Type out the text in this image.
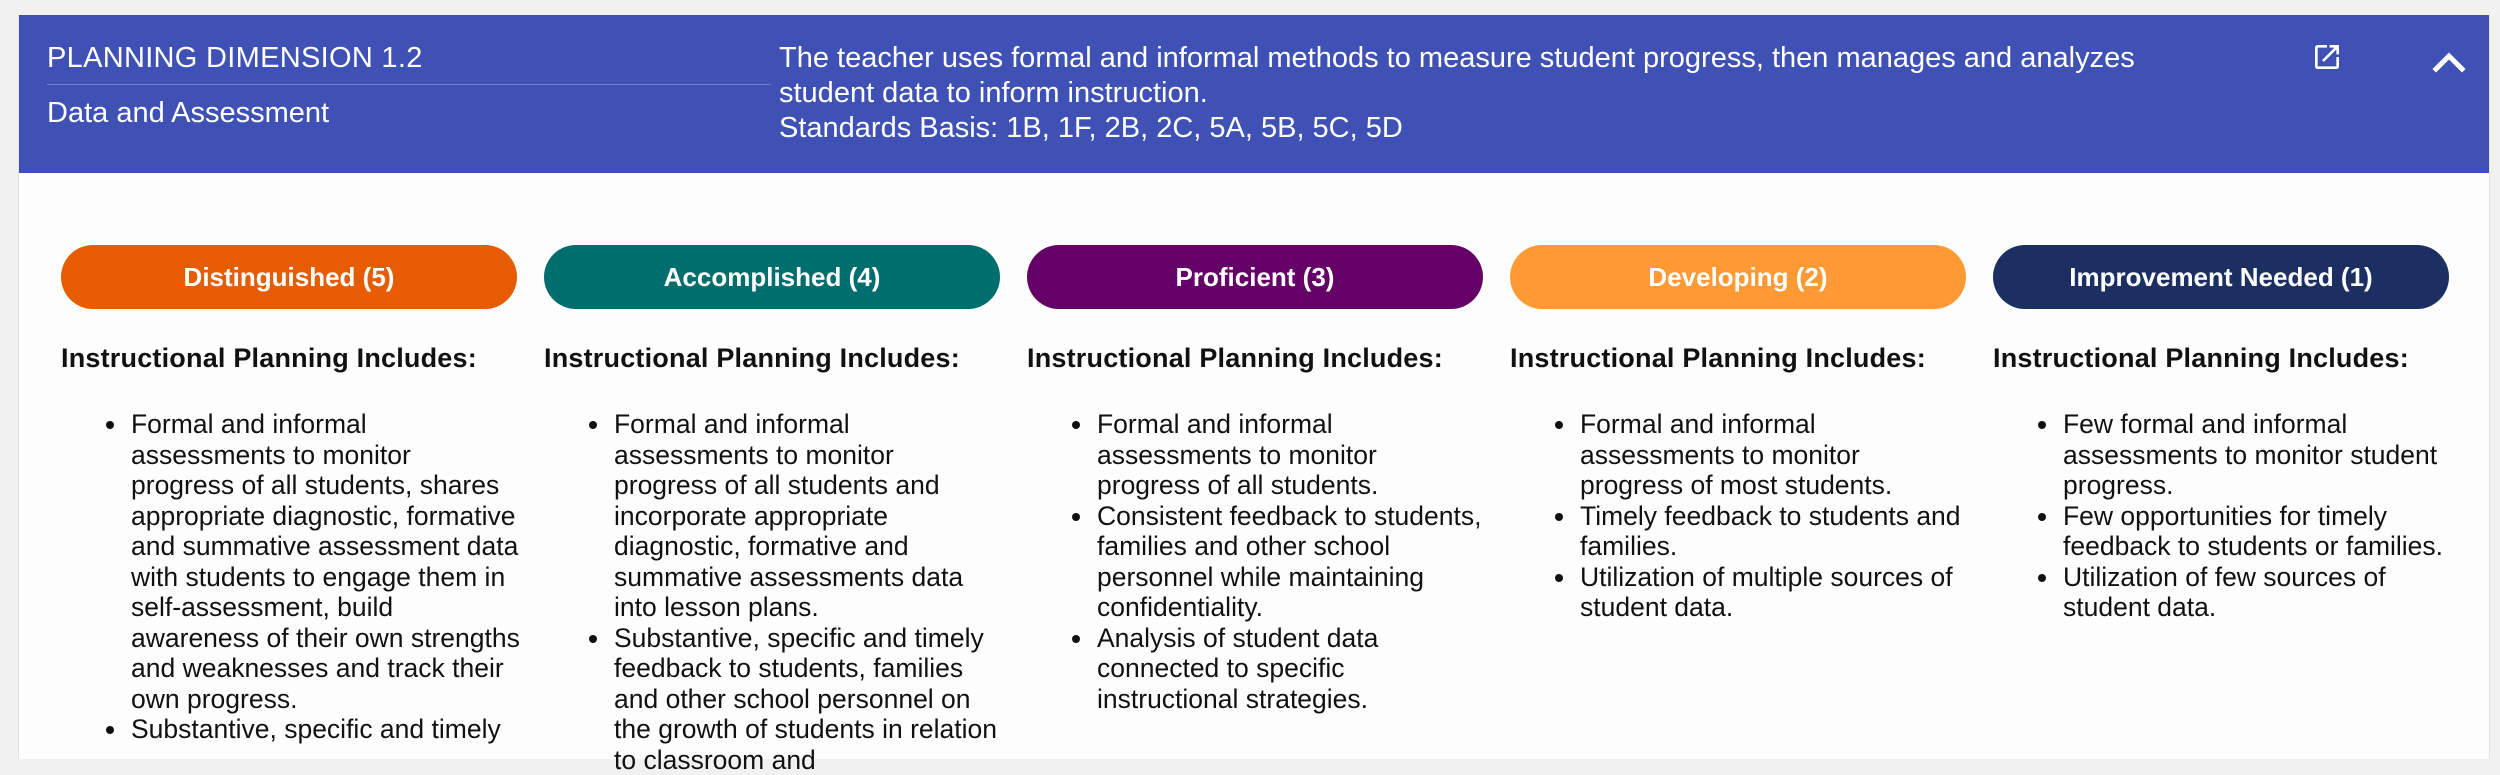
PLANNING DIMENSION 1.2
Data and Assessment
The teacher uses formal and informal methods to measure student progress, then manages and analyzes
student data to inform instruction.
Standards Basis: 1B, 1F, 2B, 2C, 5A, 5B, 5C, 5D
Distinguished (5)
Instructional Planning Includes:
• Formal and informal assessments to monitor progress of all students, shares appropriate diagnostic, formative and summative assessment data with students to engage them in self-assessment, build awareness of their own strengths and weaknesses and track their own progress.
• Substantive, specific and timely
Accomplished (4)
Instructional Planning Includes:
• Formal and informal assessments to monitor progress of all students and incorporate appropriate diagnostic, formative and summative assessments data into lesson plans.
• Substantive, specific and timely feedback to students, families and other school personnel on the growth of students in relation to classroom and
Proficient (3)
Instructional Planning Includes:
• Formal and informal assessments to monitor progress of all students.
• Consistent feedback to students, families and other school personnel while maintaining confidentiality.
• Analysis of student data connected to specific instructional strategies.
Developing (2)
Instructional Planning Includes:
• Formal and informal assessments to monitor progress of most students.
• Timely feedback to students and families.
• Utilization of multiple sources of student data.
Improvement Needed (1)
Instructional Planning Includes:
• Few formal and informal assessments to monitor student progress.
• Few opportunities for timely feedback to students or families.
• Utilization of few sources of student data.
